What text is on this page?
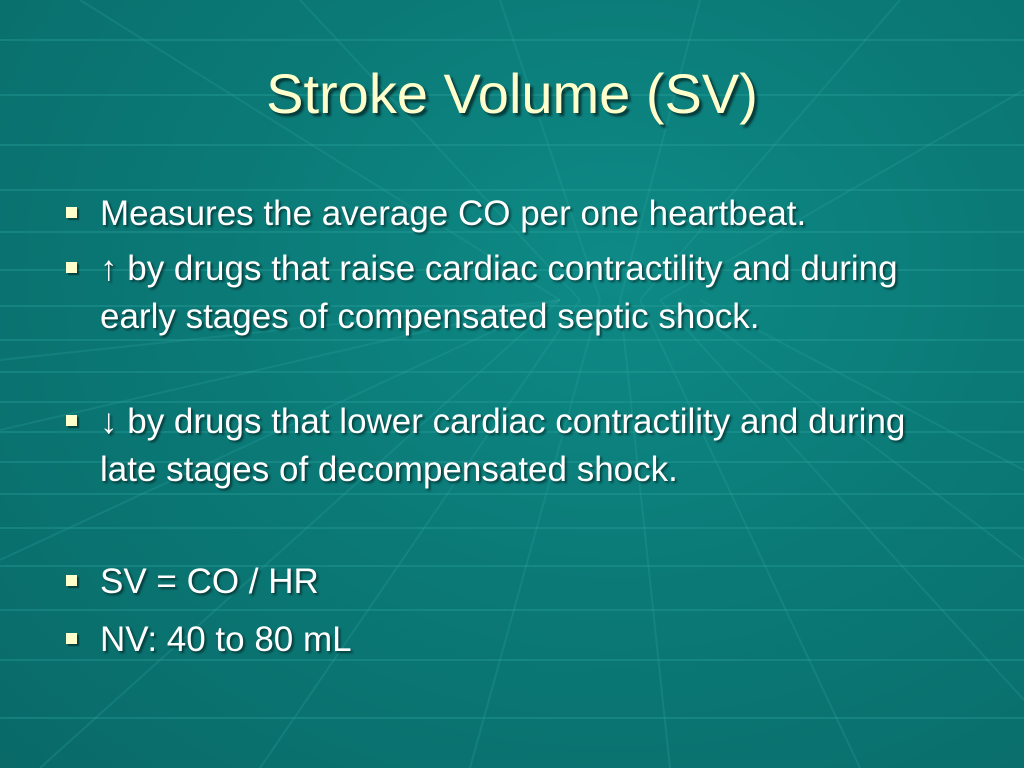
Stroke Volume (SV)
Measures the average CO per one heartbeat.
↑ by drugs that raise cardiac contractility and during early stages of compensated septic shock.
↓ by drugs that lower cardiac contractility and during late stages of decompensated shock.
SV = CO / HR
NV: 40 to 80 mL
